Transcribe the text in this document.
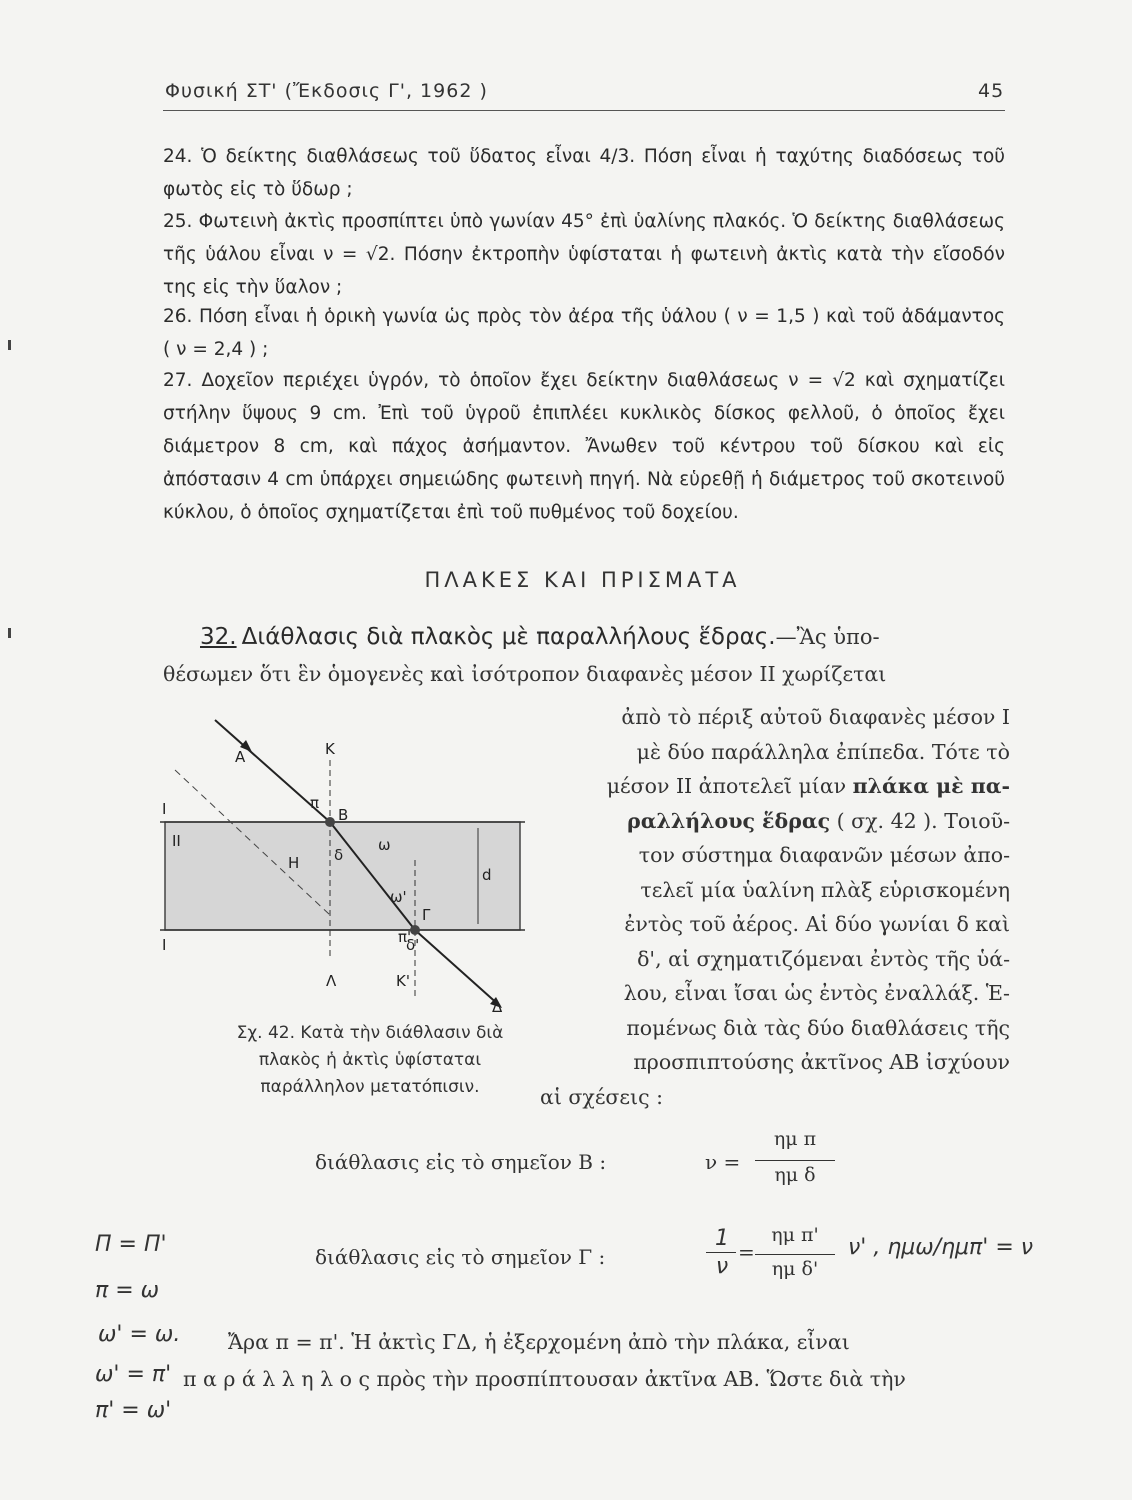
Φυσική ΣΤ' (Ἔκδοσις Γ', 1962 )	45
24. Ὁ δείκτης διαθλάσεως τοῦ ὕδατος εἶναι 4/3. Πόση εἶναι ἡ ταχύτης διαδόσεως τοῦ φωτὸς εἰς τὸ ὕδωρ ;
25. Φωτεινὴ ἀκτὶς προσπίπτει ὑπὸ γωνίαν 45° ἐπὶ ὑαλίνης πλακός. Ὁ δείκτης διαθλάσεως τῆς ὑάλου εἶναι ν = √2. Πόσην ἐκτροπὴν ὑφίσταται ἡ φωτεινὴ ἀκτὶς κατὰ τὴν εἴσοδόν της εἰς τὴν ὕαλον ;
26. Πόση εἶναι ἡ ὁρικὴ γωνία ὡς πρὸς τὸν ἀέρα τῆς ὑάλου ( ν = 1,5 ) καὶ τοῦ ἀδάμαντος ( ν = 2,4 ) ;
27. Δοχεῖον περιέχει ὑγρόν, τὸ ὁποῖον ἔχει δείκτην διαθλάσεως ν = √2 καὶ σχηματίζει στήλην ὕψους 9 cm. Ἐπὶ τοῦ ὑγροῦ ἐπιπλέει κυκλικὸς δίσκος φελλοῦ, ὁ ὁποῖος ἔχει διάμετρον 8 cm, καὶ πάχος ἀσήμαντον. Ἄνωθεν τοῦ κέντρου τοῦ δίσκου καὶ εἰς ἀπόστασιν 4 cm ὑπάρχει σημειώδης φωτεινὴ πηγή. Νὰ εὑρεθῇ ἡ διάμετρος τοῦ σκοτεινοῦ κύκλου, ὁ ὁποῖος σχηματίζεται ἐπὶ τοῦ πυθμένος τοῦ δοχείου.
ΠΛΑΚΕΣ ΚΑΙ ΠΡΙΣΜΑΤΑ
32. Διάθλασις διὰ πλακὸς μὲ παραλλήλους ἕδρας.—Ἂς ὑπο-
θέσωμεν ὅτι ἓν ὁμογενὲς καὶ ἰσότροπον διαφανὲς μέσον ΙΙ χωρίζεται
ἀπὸ τὸ πέριξ αὐτοῦ διαφανὲς μέσον Ι
μὲ δύο παράλληλα ἐπίπεδα. Τότε τὸ
μέσον ΙΙ ἀποτελεῖ μίαν πλάκα μὲ πα-
ραλλήλους ἕδρας ( σχ. 42 ). Τοιοῦ-
τον σύστημα διαφανῶν μέσων ἀπο-
τελεῖ μία ὑαλίνη πλὰξ εὑρισκομένη
ἐντὸς τοῦ ἀέρος. Αἱ δύο γωνίαι δ καὶ
δ', αἱ σχηματιζόμεναι ἐντὸς τῆς ὑά-
λου, εἶναι ἴσαι ὡς ἐντὸς ἐναλλάξ. Ἑ-
πομένως διὰ τὰς δύο διαθλάσεις τῆς
προσπιπτούσης ἀκτῖνος ΑΒ ἰσχύουν
αἱ σχέσεις :
Α	Κ
π
Β
Η δ
ω
ω'
d
Γ
δ'
π'
Λ	Κ'
Δ
Ι
ΙΙ
Ι
Σχ. 42. Κατὰ τὴν διάθλασιν διὰ πλακὸς ἡ ἀκτὶς ὑφίσταται παράλληλον μετατόπισιν.
διάθλασις εἰς τὸ σημεῖον Β :	ν =
ημ π
ημ δ
διάθλασις εἰς τὸ σημεῖον Γ :
1
ν
=
ημ π'
ημ δ'
ν' , ημω/ημπ' = ν
Ἄρα π = π'. Ἡ ἀκτὶς ΓΔ, ἡ ἐξερχομένη ἀπὸ τὴν πλάκα, εἶναι
π α ρ ά λ λ η λ ο ς πρὸς τὴν προσπίπτουσαν ἀκτῖνα ΑΒ. Ὥστε διὰ τὴν
Π = Π'
π = ω
ω' = ω.
ω' = π'
π' = ω'
